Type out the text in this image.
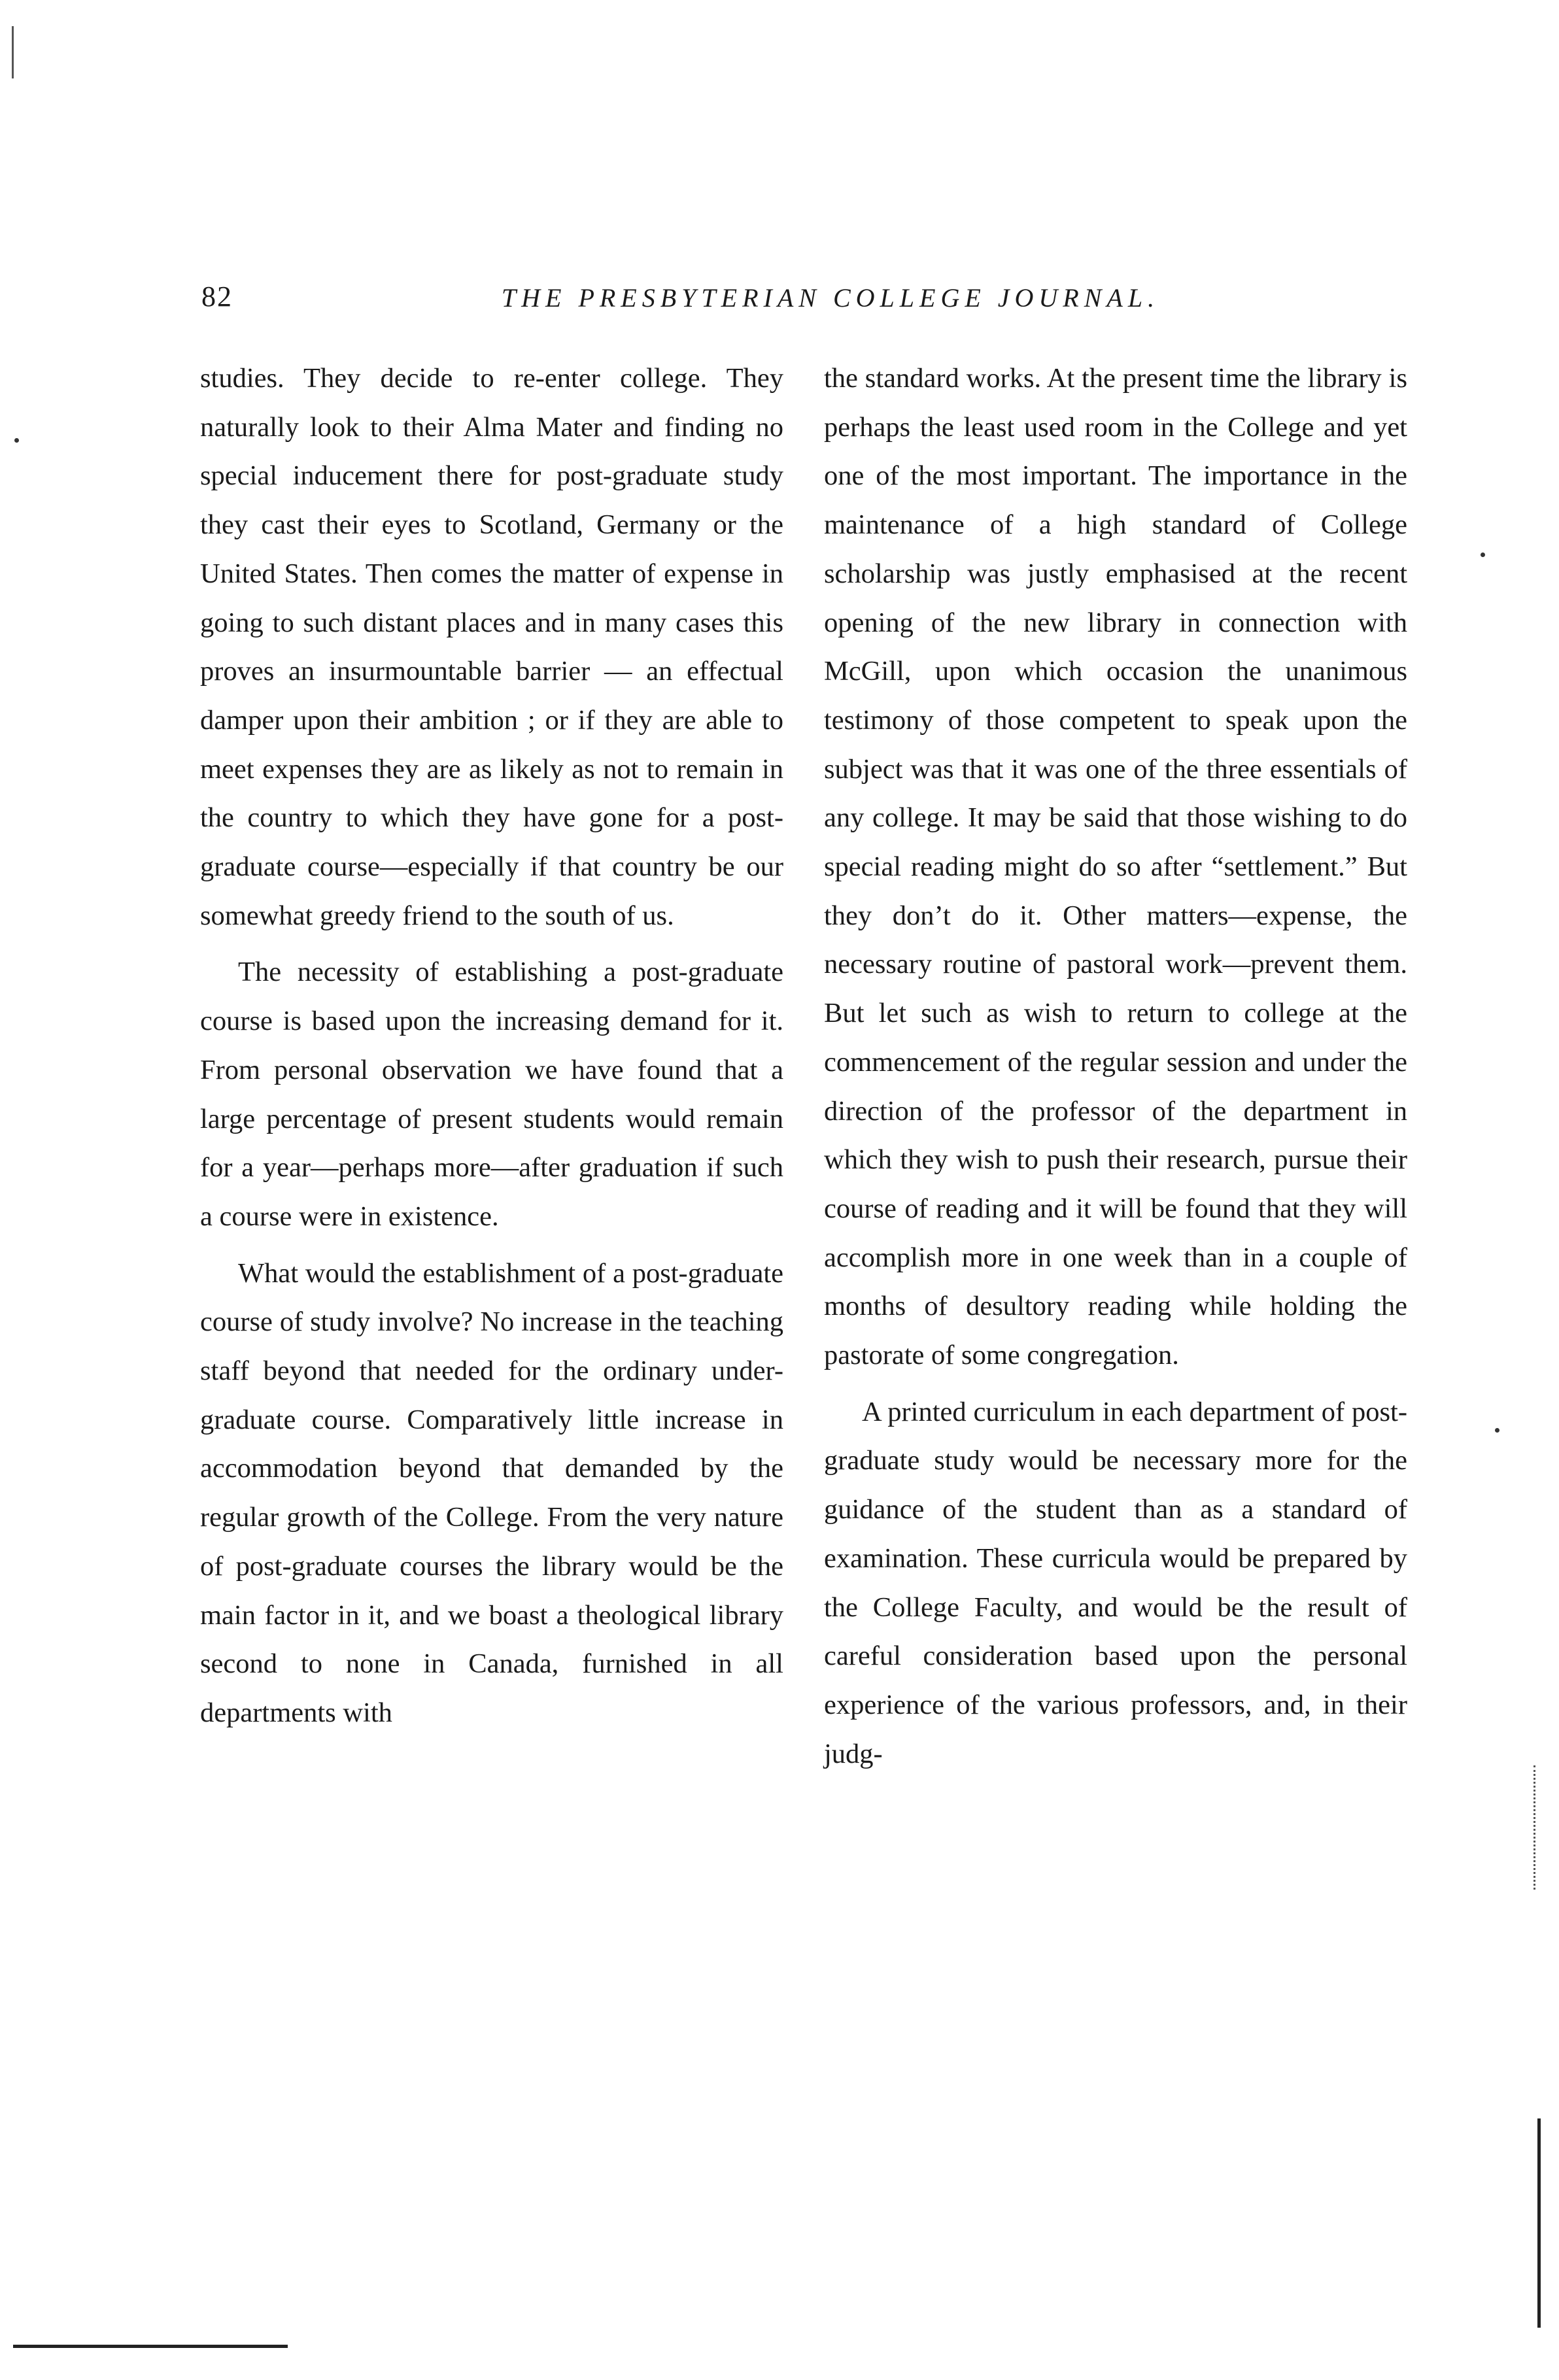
82	THE PRESBYTERIAN COLLEGE JOURNAL.

studies. They decide to re-enter college. They naturally look to their Alma Mater and finding no special inducement there for post-graduate study they cast their eyes to Scotland, Germany or the United States. Then comes the matter of expense in going to such distant places and in many cases this proves an insurmountable barrier — an effectual damper upon their ambition ; or if they are able to meet expenses they are as likely as not to remain in the country to which they have gone for a post-graduate course—especially if that country be our somewhat greedy friend to the south of us.

The necessity of establishing a post-graduate course is based upon the increasing demand for it. From personal observation we have found that a large percentage of present students would remain for a year—perhaps more—after graduation if such a course were in existence.

What would the establishment of a post-graduate course of study involve? No increase in the teaching staff beyond that needed for the ordinary under-graduate course. Comparatively little increase in accommodation beyond that demanded by the regular growth of the College. From the very nature of post-graduate courses the library would be the main factor in it, and we boast a theological library second to none in Canada, furnished in all departments with

the standard works. At the present time the library is perhaps the least used room in the College and yet one of the most important. The importance in the maintenance of a high standard of College scholarship was justly emphasised at the recent opening of the new library in connection with McGill, upon which occasion the unanimous testimony of those competent to speak upon the subject was that it was one of the three essentials of any college. It may be said that those wishing to do special reading might do so after “settlement.” But they don’t do it. Other matters—expense, the necessary routine of pastoral work—prevent them. But let such as wish to return to college at the commencement of the regular session and under the direction of the professor of the department in which they wish to push their research, pursue their course of reading and it will be found that they will accomplish more in one week than in a couple of months of desultory reading while holding the pastorate of some congregation.

A printed curriculum in each department of post-graduate study would be necessary more for the guidance of the student than as a standard of examination. These curricula would be prepared by the College Faculty, and would be the result of careful consideration based upon the personal experience of the various professors, and, in their judg-
